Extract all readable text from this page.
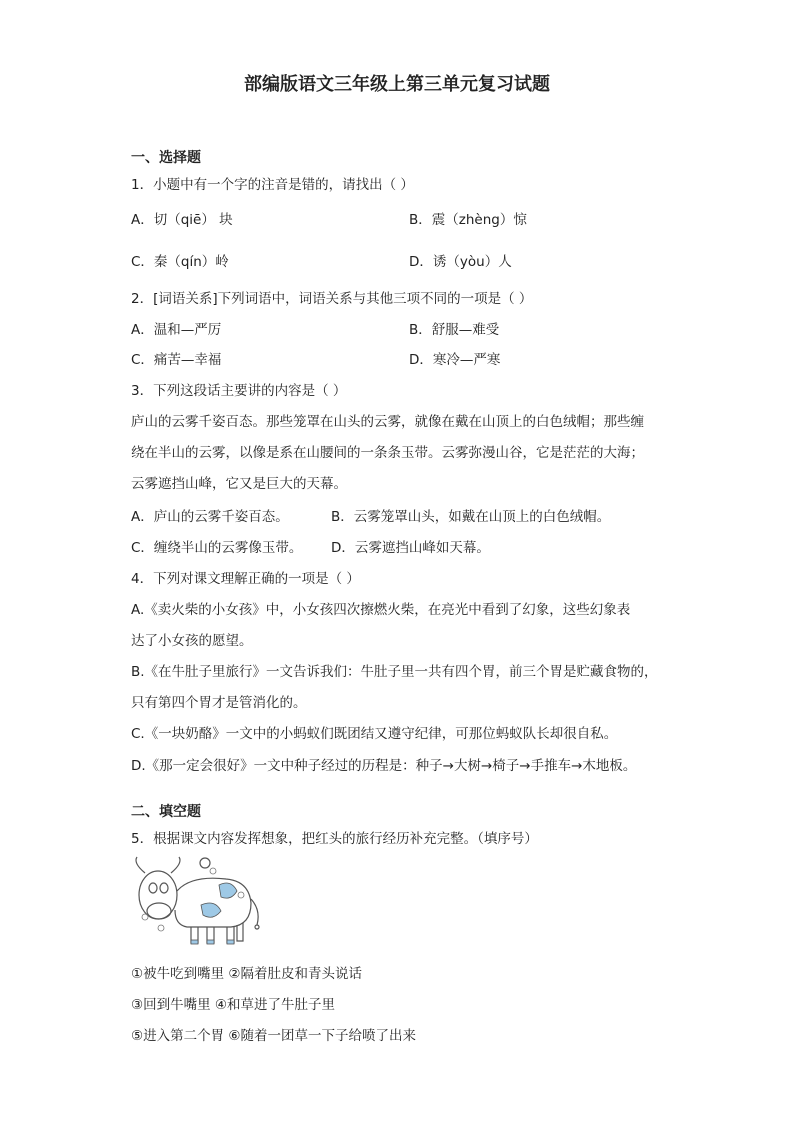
部编版语文三年级上第三单元复习试题
一、选择题
1．小题中有一个字的注音是错的，请找出（ ）
A．切（qiē） 块	B．震（zhèng）惊
C．秦（qín）岭	D．诱（yòu）人
2．[词语关系]下列词语中，词语关系与其他三项不同的一项是（ ）
A．温和—严厉	B．舒服—难受
C．痛苦—幸福	D．寒冷—严寒
3．下列这段话主要讲的内容是（ ）
庐山的云雾千姿百态。那些笼罩在山头的云雾，就像在戴在山顶上的白色绒帽；那些缠
绕在半山的云雾，以像是系在山腰间的一条条玉带。云雾弥漫山谷，它是茫茫的大海；
云雾遮挡山峰，它又是巨大的天幕。
A．庐山的云雾千姿百态。	B．云雾笼罩山头，如戴在山顶上的白色绒帽。
C．缠绕半山的云雾像玉带。 D．云雾遮挡山峰如天幕。
4．下列对课文理解正确的一项是（ ）
A.《卖火柴的小女孩》中，小女孩四次擦燃火柴，在亮光中看到了幻象，这些幻象表
达了小女孩的愿望。
B.《在牛肚子里旅行》一文告诉我们：牛肚子里一共有四个胃，前三个胃是贮藏食物的，
只有第四个胃才是管消化的。
C.《一块奶酪》一文中的小蚂蚁们既团结又遵守纪律，可那位蚂蚁队长却很自私。
D.《那一定会很好》一文中种子经过的历程是：种子→大树→椅子→手推车→木地板。
二、填空题
5．根据课文内容发挥想象，把红头的旅行经历补充完整。（填序号）
①被牛吃到嘴里 ②隔着肚皮和青头说话
③回到牛嘴里 ④和草进了牛肚子里
⑤进入第二个胃 ⑥随着一团草一下子给喷了出来
